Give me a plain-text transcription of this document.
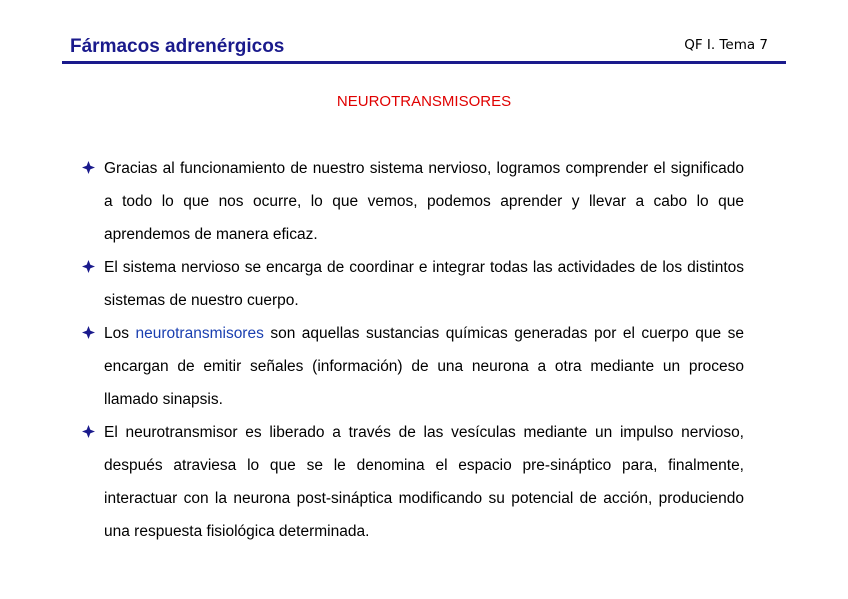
Fármacos adrenérgicos	QF I. Tema 7
NEUROTRANSMISORES
Gracias al funcionamiento de nuestro sistema nervioso, logramos comprender el significado a todo lo que nos ocurre, lo que vemos, podemos aprender y llevar a cabo lo que aprendemos de manera eficaz.
El sistema nervioso se encarga de coordinar e integrar todas las actividades de los distintos sistemas de nuestro cuerpo.
Los neurotransmisores son aquellas sustancias químicas generadas por el cuerpo que se encargan de emitir señales (información) de una neurona a otra mediante un proceso llamado sinapsis.
El neurotransmisor es liberado a través de las vesículas mediante un impulso nervioso, después atraviesa lo que se le denomina el espacio pre-sináptico para, finalmente, interactuar con la neurona post-sináptica modificando su potencial de acción, produciendo una respuesta fisiológica determinada.
